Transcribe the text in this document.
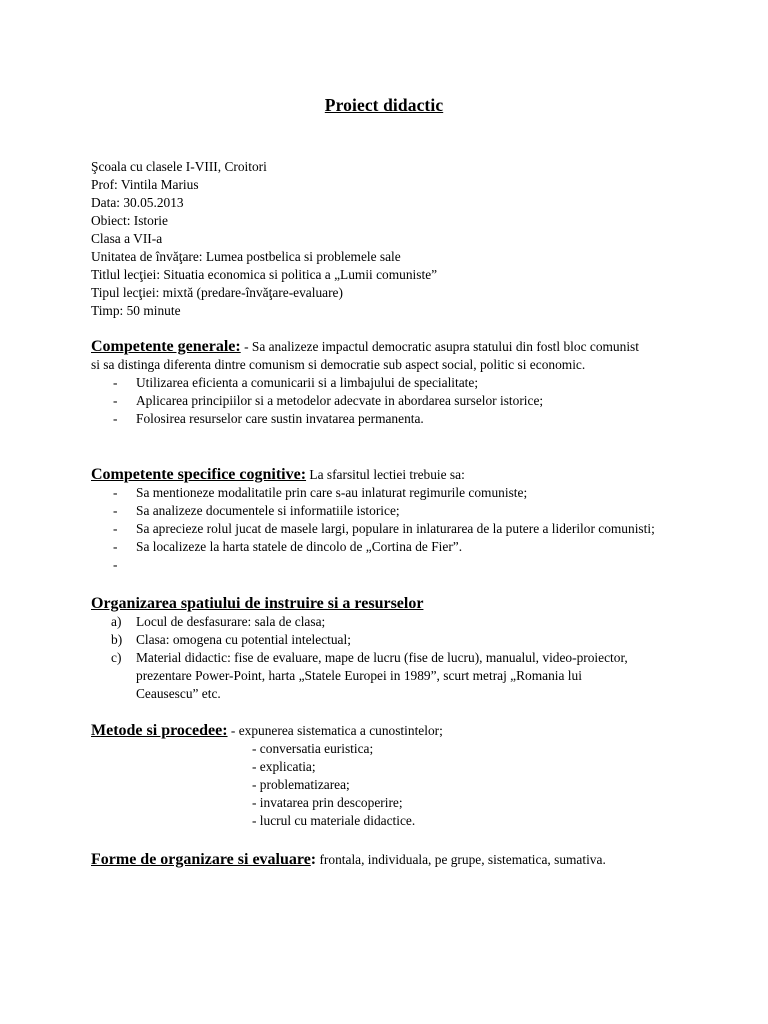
Proiect didactic
Şcoala cu clasele I-VIII, Croitori
Prof: Vintila Marius
Data: 30.05.2013
Obiect: Istorie
Clasa a VII-a
Unitatea de învăţare: Lumea postbelica si problemele sale
Titlul lecţiei: Situatia economica si politica a „Lumii comuniste”
Tipul lecţiei: mixtă (predare-învăţare-evaluare)
Timp: 50 minute
Competente generale: - Sa analizeze impactul democratic asupra statului din fostl bloc comunist si sa distinga diferenta dintre comunism si democratie sub aspect social, politic si economic.
- Utilizarea eficienta a comunicarii si a limbajului de specialitate;
- Aplicarea principiilor si a metodelor adecvate in abordarea surselor istorice;
- Folosirea resurselor care sustin invatarea permanenta.
Competente specifice cognitive: La sfarsitul lectiei trebuie sa:
- Sa mentioneze modalitatile prin care s-au inlaturat regimurile comuniste;
- Sa analizeze documentele si informatiile istorice;
- Sa aprecieze rolul jucat de masele largi, populare in inlaturarea de la putere a liderilor comunisti;
- Sa localizeze la harta statele de dincolo de „Cortina de Fier”.
Organizarea spatiului de instruire si a resurselor
a) Locul de desfasurare: sala de clasa;
b) Clasa: omogena cu potential intelectual;
c) Material didactic: fise de evaluare, mape de lucru (fise de lucru), manualul, video-proiector, prezentare Power-Point, harta „Statele Europei in 1989”, scurt metraj „Romania lui Ceausescu” etc.
Metode si procedee: - expunerea sistematica a cunostintelor;
- conversatia euristica;
- explicatia;
- problematizarea;
- invatarea prin descoperire;
- lucrul cu materiale didactice.
Forme de organizare si evaluare: frontala, individuala, pe grupe, sistematica, sumativa.
